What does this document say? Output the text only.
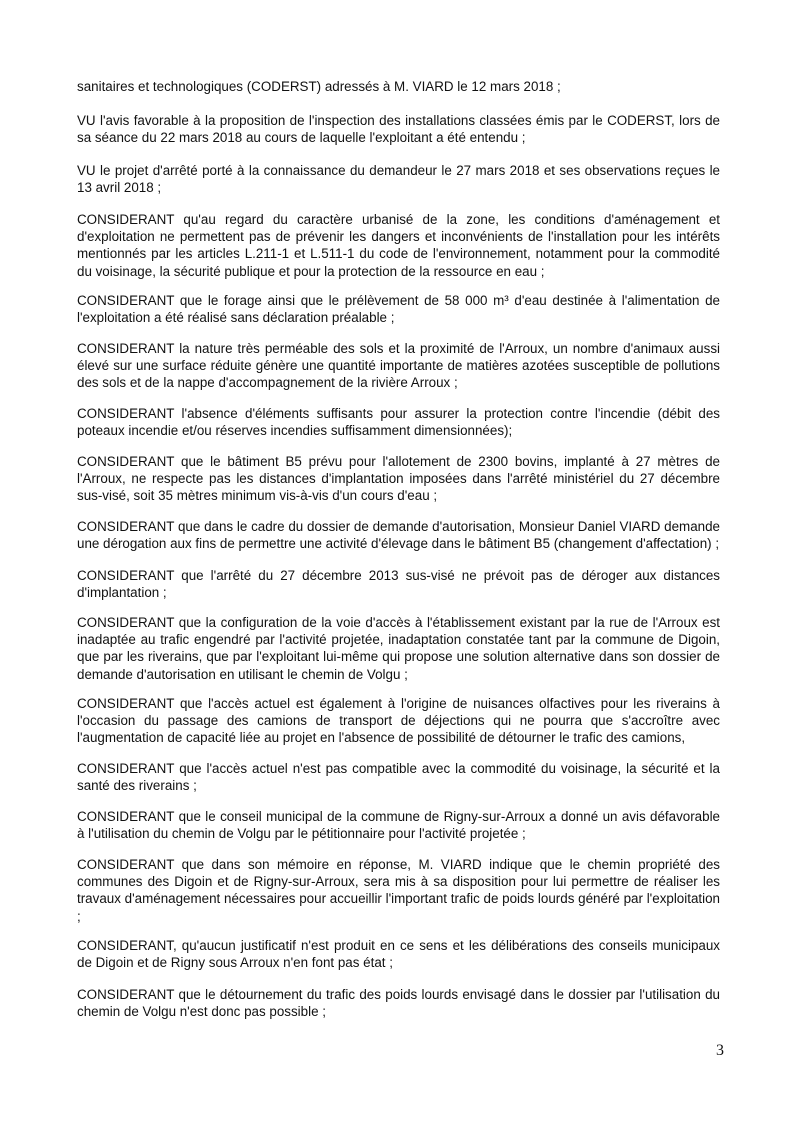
sanitaires et technologiques (CODERST) adressés à M. VIARD le 12 mars 2018 ;

VU l'avis favorable à la proposition de l'inspection des installations classées émis par le CODERST, lors de sa séance du 22 mars 2018 au cours de laquelle l'exploitant a été entendu ;

VU le projet d'arrêté porté à la connaissance du demandeur le 27 mars 2018 et ses observations reçues le 13 avril 2018 ;

CONSIDERANT qu'au regard du caractère urbanisé de la zone, les conditions d'aménagement et d'exploitation ne permettent pas de prévenir les dangers et inconvénients de l'installation pour les intérêts mentionnés par les articles L.211-1 et L.511-1 du code de l'environnement, notamment pour la commodité du voisinage, la sécurité publique et pour la protection de la ressource en eau ;

CONSIDERANT que le forage ainsi que le prélèvement de 58 000 m³ d'eau destinée à l'alimentation de l'exploitation a été réalisé sans déclaration préalable ;

CONSIDERANT la nature très perméable des sols et la proximité de l'Arroux, un nombre d'animaux aussi élevé sur une surface réduite génère une quantité importante de matières azotées susceptible de pollutions des sols et de la nappe d'accompagnement de la rivière Arroux ;

CONSIDERANT l'absence d'éléments suffisants pour assurer la protection contre l'incendie (débit des poteaux incendie et/ou réserves incendies suffisamment dimensionnées);

CONSIDERANT que le bâtiment B5 prévu pour l'allotement de 2300 bovins, implanté à 27 mètres de l'Arroux, ne respecte pas les distances d'implantation imposées dans l'arrêté ministériel du 27 décembre sus-visé, soit 35 mètres minimum vis-à-vis d'un cours d'eau ;

CONSIDERANT que dans le cadre du dossier de demande d'autorisation, Monsieur Daniel VIARD demande une dérogation aux fins de permettre une activité d'élevage dans le bâtiment B5 (changement d'affectation) ;

CONSIDERANT que l'arrêté du 27 décembre 2013 sus-visé ne prévoit pas de déroger aux distances d'implantation ;

CONSIDERANT que la configuration de la voie d'accès à l'établissement existant par la rue de l'Arroux est inadaptée au trafic engendré par l'activité projetée, inadaptation constatée tant par la commune de Digoin, que par les riverains, que par l'exploitant lui-même qui propose une solution alternative dans son dossier de demande d'autorisation en utilisant le chemin de Volgu ;

CONSIDERANT que l'accès actuel est également à l'origine de nuisances olfactives pour les riverains à l'occasion du passage des camions de transport de déjections qui ne pourra que s'accroître avec l'augmentation de capacité liée au projet en l'absence de possibilité de détourner le trafic des camions,

CONSIDERANT que l'accès actuel n'est pas compatible avec la commodité du voisinage, la sécurité et la santé des riverains ;

CONSIDERANT que le conseil municipal de la commune de Rigny-sur-Arroux a donné un avis défavorable à l'utilisation du chemin de Volgu par le pétitionnaire pour l'activité projetée ;

CONSIDERANT que dans son mémoire en réponse, M. VIARD indique que le chemin propriété des communes des Digoin et de Rigny-sur-Arroux, sera mis à sa disposition pour lui permettre de réaliser les travaux d'aménagement nécessaires pour accueillir l'important trafic de poids lourds généré par l'exploitation ;

CONSIDERANT, qu'aucun justificatif n'est produit en ce sens et les délibérations des conseils municipaux de Digoin et de Rigny sous Arroux n'en font pas état ;

CONSIDERANT que le détournement du trafic des poids lourds envisagé dans le dossier par l'utilisation du chemin de Volgu n'est donc pas possible ;

3
